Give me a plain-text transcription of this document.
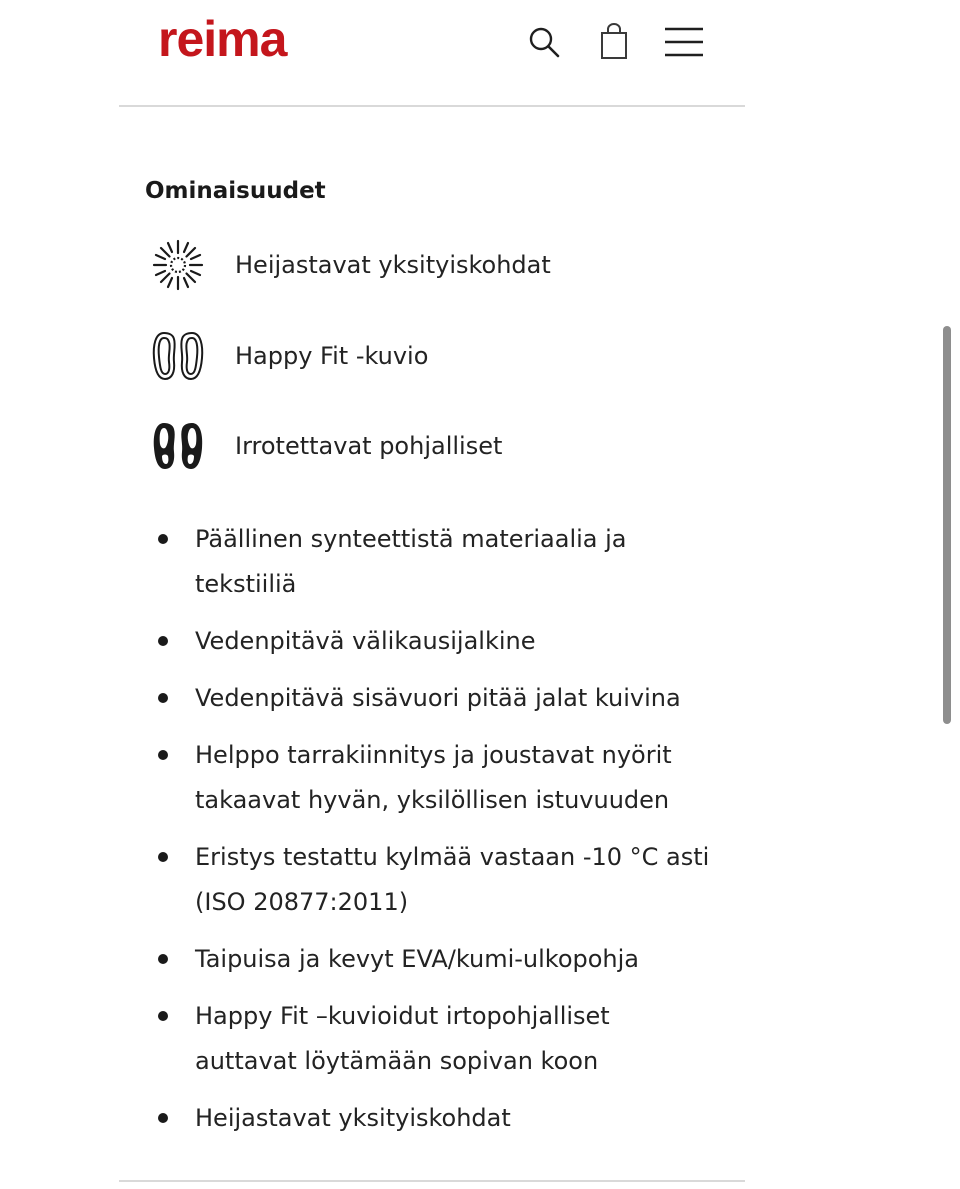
reima
Ominaisuudet
Heijastavat yksityiskohdat
Happy Fit -kuvio
Irrotettavat pohjalliset
Päällinen synteettistä materiaalia ja tekstiiliä
Vedenpitävä välikausijalkine
Vedenpitävä sisävuori pitää jalat kuivina
Helppo tarrakiinnitys ja joustavat nyörit takaavat hyvän, yksilöllisen istuvuuden
Eristys testattu kylmää vastaan -10 °C asti (ISO 20877:2011)
Taipuisa ja kevyt EVA/kumi-ulkopohja
Happy Fit –kuvioidut irtopohjalliset auttavat löytämään sopivan koon
Heijastavat yksityiskohdat
